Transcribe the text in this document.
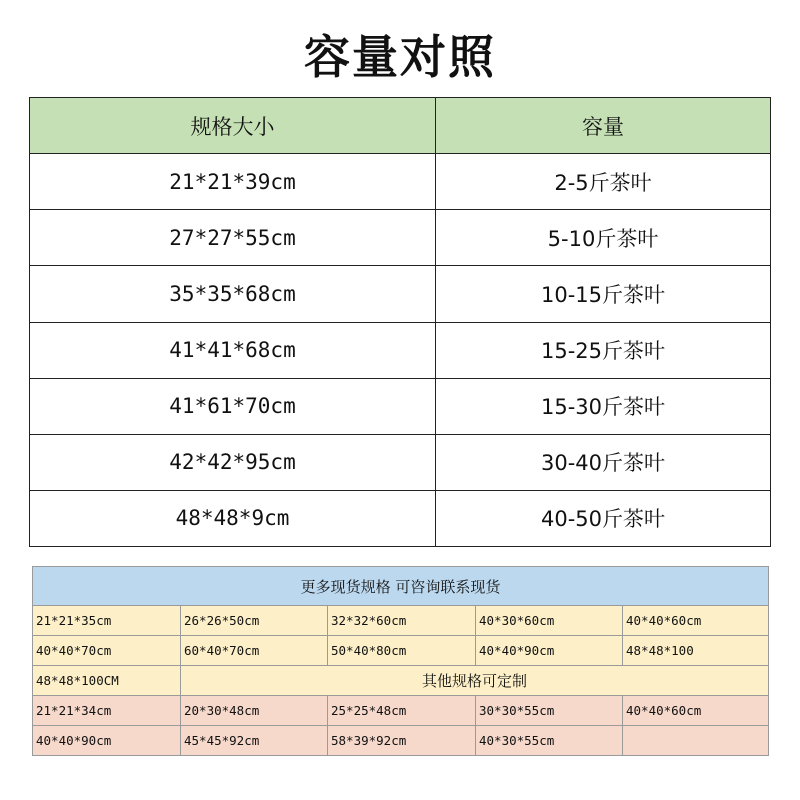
容量对照
规格大小	容量
21*21*39cm	2-5斤茶叶
27*27*55cm	5-10斤茶叶
35*35*68cm	10-15斤茶叶
41*41*68cm	15-25斤茶叶
41*61*70cm	15-30斤茶叶
42*42*95cm	30-40斤茶叶
48*48*9cm	40-50斤茶叶
更多现货规格 可咨询联系现货				
21*21*35cm	26*26*50cm	32*32*60cm	40*30*60cm	40*40*60cm
40*40*70cm	60*40*70cm	50*40*80cm	40*40*90cm	48*48*100
48*48*100CM	其他规格可定制			
21*21*34cm	20*30*48cm	25*25*48cm	30*30*55cm	40*40*60cm
40*40*90cm	45*45*92cm	58*39*92cm	40*30*55cm	
